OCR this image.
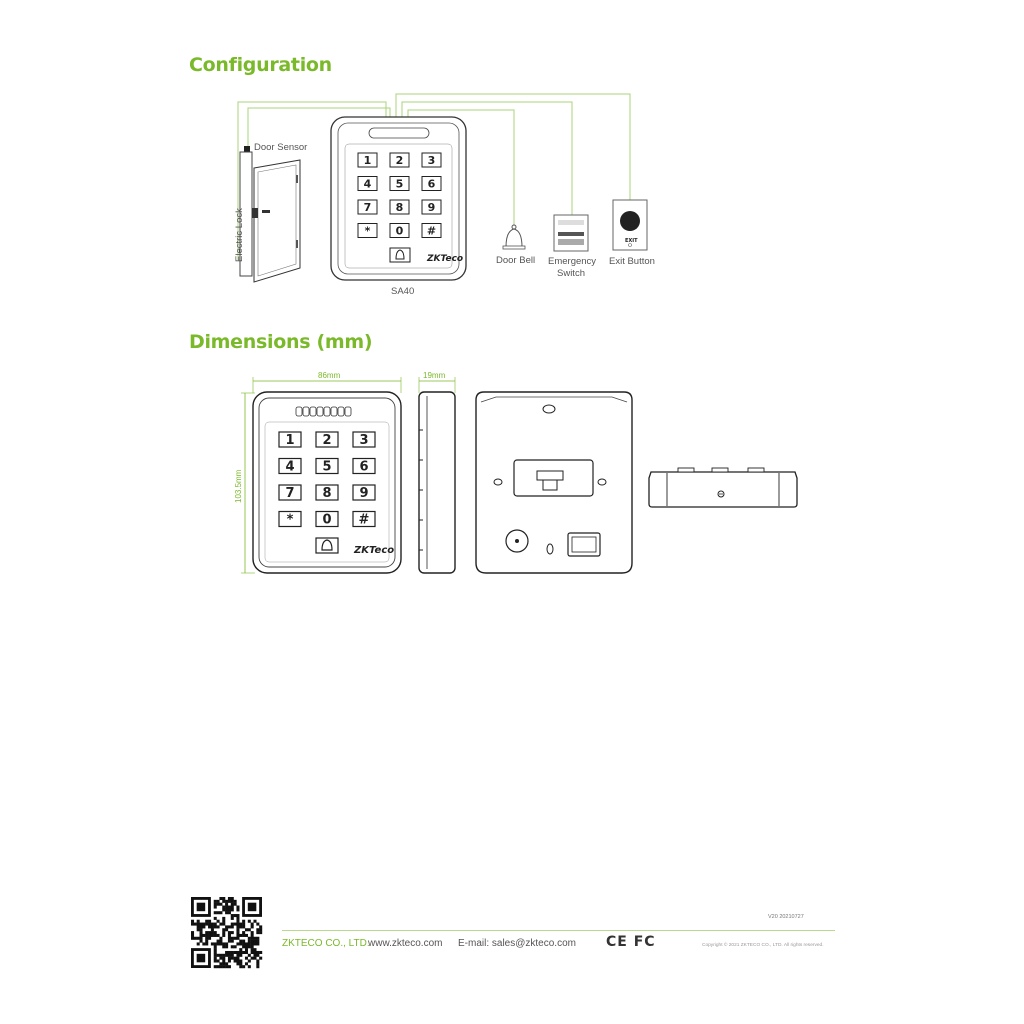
Configuration
Dimensions (mm)
Door Sensor
Electric Lock
1 2 3
4 5 6
7 8 9
* 0 #
ZKTeco
SA40
Door Bell Emergency
Switch
EXIT
Exit Button
86mm	19mm
103.5mm
1 2 3
4 5 6
7 8 9
* 0 #
ZKTeco
V20 20210727
ZKTECO CO., LTD.
www.zkteco.com E-mail: sales@zkteco.com CE FC	Copyright © 2021 ZKTECO CO., LTD. All rights reserved.
